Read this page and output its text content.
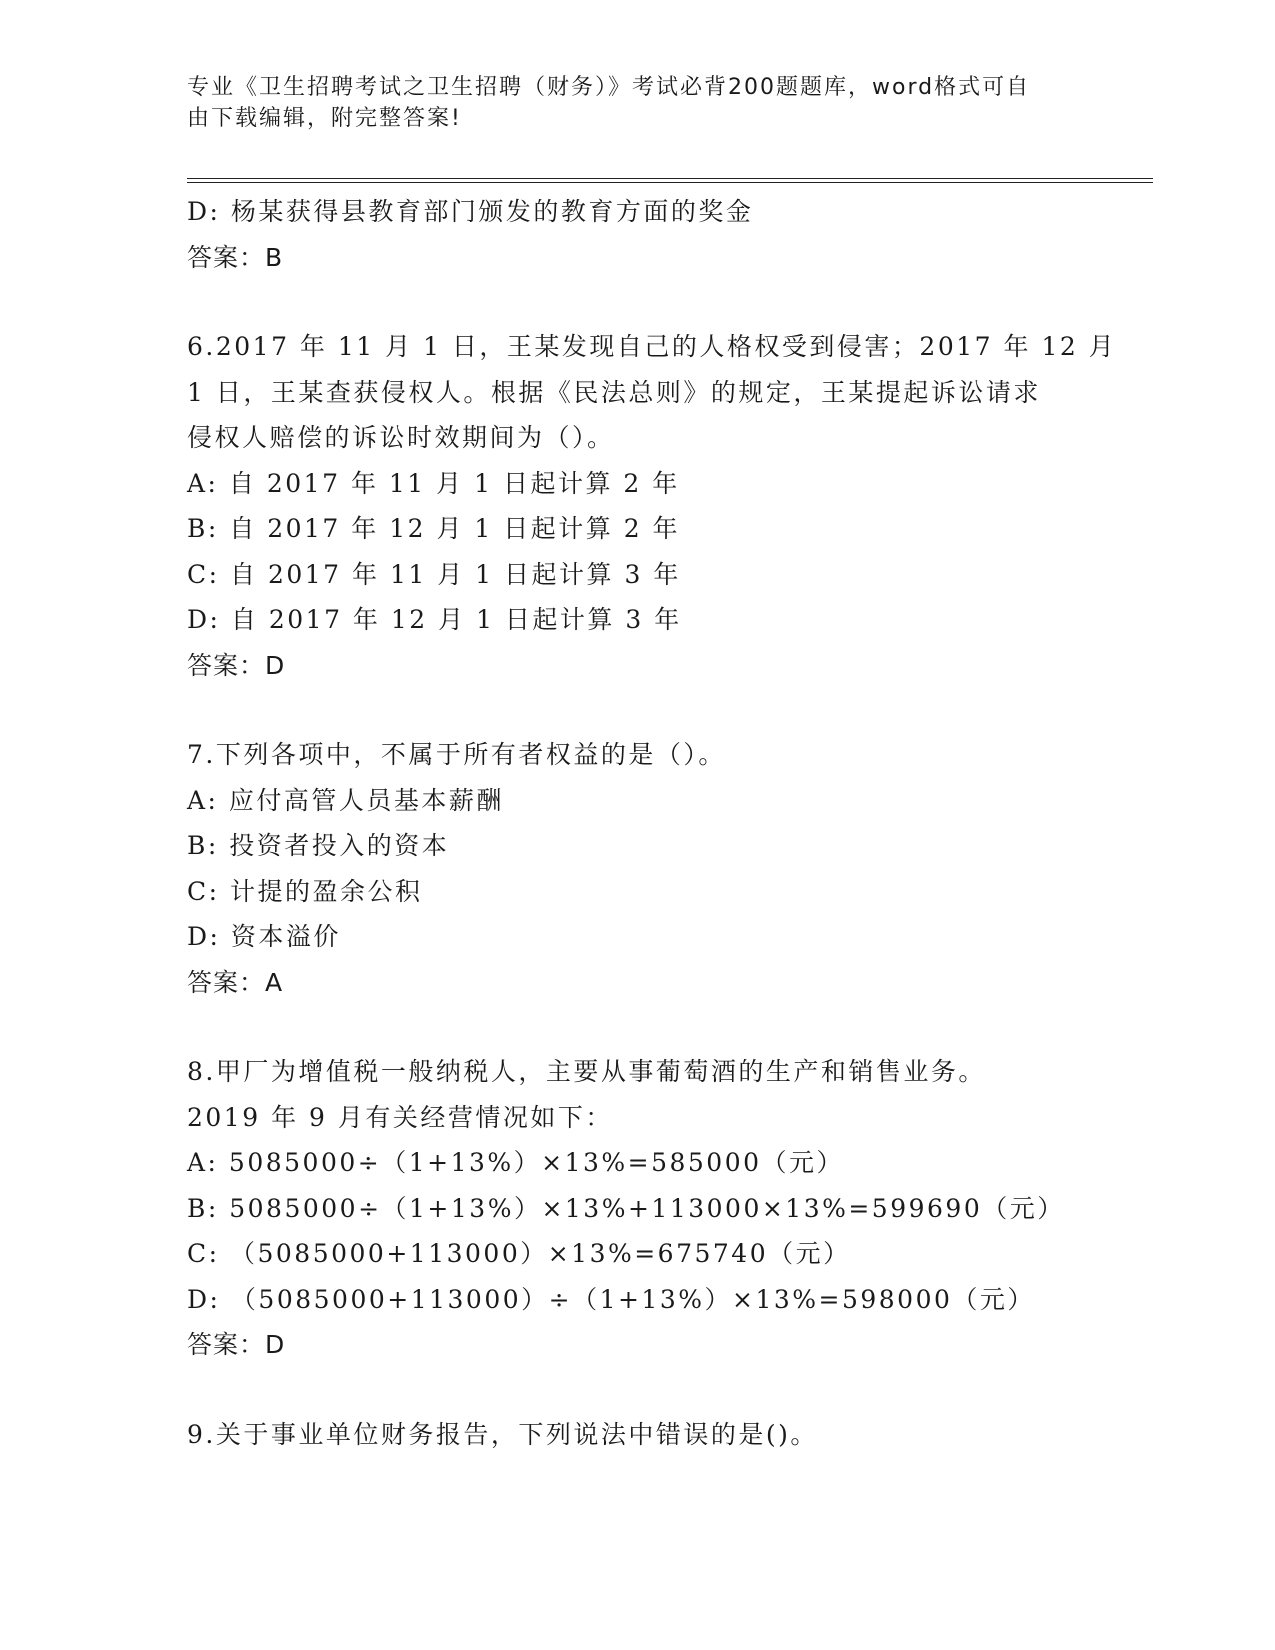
专业《卫生招聘考试之卫生招聘（财务）》考试必背200题题库，word格式可自
由下载编辑，附完整答案!
D: 杨某获得县教育部门颁发的教育方面的奖金
答案：B
6.2017 年 11 月 1 日，王某发现自己的人格权受到侵害；2017 年 12 月
1 日，王某查获侵权人。根据《民法总则》的规定，王某提起诉讼请求
侵权人赔偿的诉讼时效期间为（）。
A: 自 2017 年 11 月 1 日起计算 2 年
B: 自 2017 年 12 月 1 日起计算 2 年
C: 自 2017 年 11 月 1 日起计算 3 年
D: 自 2017 年 12 月 1 日起计算 3 年
答案：D
7.下列各项中，不属于所有者权益的是（）。
A: 应付高管人员基本薪酬
B: 投资者投入的资本
C: 计提的盈余公积
D: 资本溢价
答案：A
8.甲厂为增值税一般纳税人，主要从事葡萄酒的生产和销售业务。
2019 年 9 月有关经营情况如下：
A: 5085000÷（1+13%）×13%=585000（元）
B: 5085000÷（1+13%）×13%+113000×13%=599690（元）
C: （5085000+113000）×13%=675740（元）
D: （5085000+113000）÷（1+13%）×13%=598000（元）
答案：D
9.关于事业单位财务报告，下列说法中错误的是()。
